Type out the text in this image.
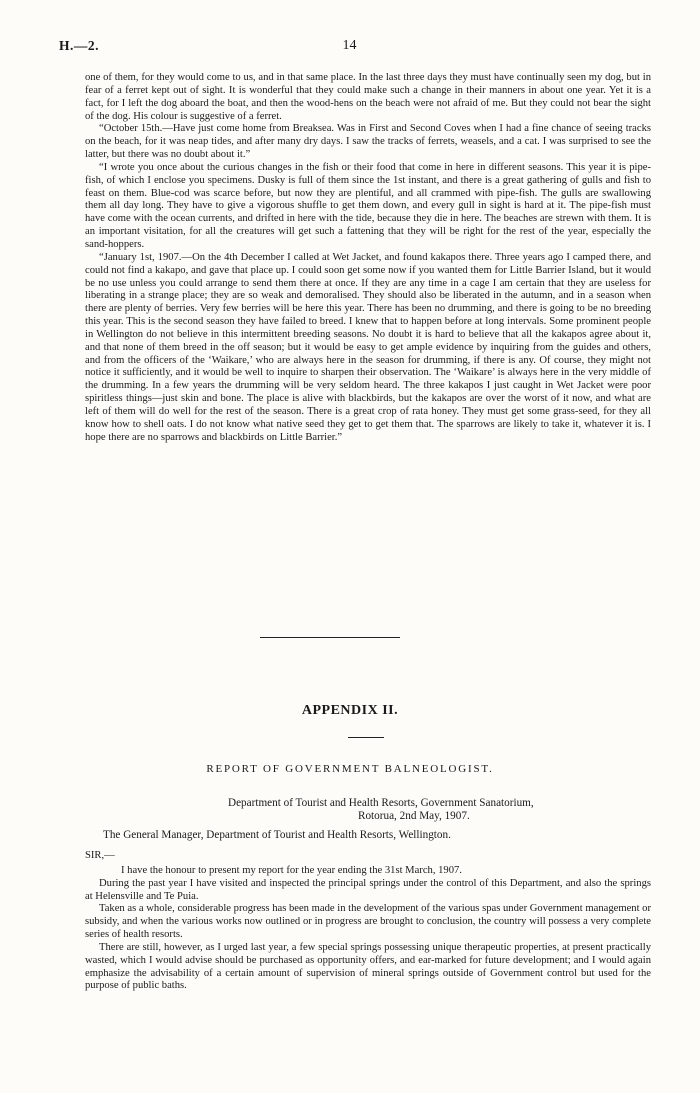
H.—2.	14

one of them, for they would come to us, and in that same place. In the last three days they must have continually seen my dog, but in fear of a ferret kept out of sight. It is wonderful that they could make such a change in their manners in about one year. Yet it is a fact, for I left the dog aboard the boat, and then the wood-hens on the beach were not afraid of me. But they could not bear the sight of the dog. His colour is suggestive of a ferret.

“October 15th.—Have just come home from Breaksea. Was in First and Second Coves when I had a fine chance of seeing tracks on the beach, for it was neap tides, and after many dry days. I saw the tracks of ferrets, weasels, and a cat. I was surprised to see the latter, but there was no doubt about it.”

“I wrote you once about the curious changes in the fish or their food that come in here in different seasons. This year it is pipe-fish, of which I enclose you specimens. Dusky is full of them since the 1st instant, and there is a great gathering of gulls and fish to feast on them. Blue-cod was scarce before, but now they are plentiful, and all crammed with pipe-fish. The gulls are swallowing them all day long. They have to give a vigorous shuffle to get them down, and every gull in sight is hard at it. The pipe-fish must have come with the ocean currents, and drifted in here with the tide, because they die in here. The beaches are strewn with them. It is an important visitation, for all the creatures will get such a fattening that they will be right for the rest of the year, especially the sand-hoppers.

“January 1st, 1907.—On the 4th December I called at Wet Jacket, and found kakapos there. Three years ago I camped there, and could not find a kakapo, and gave that place up. I could soon get some now if you wanted them for Little Barrier Island, but it would be no use unless you could arrange to send them there at once. If they are any time in a cage I am certain that they are useless for liberating in a strange place; they are so weak and demoralised. They should also be liberated in the autumn, and in a season when there are plenty of berries. Very few berries will be here this year. There has been no drumming, and there is going to be no breeding this year. This is the second season they have failed to breed. I knew that to happen before at long intervals. Some prominent people in Wellington do not believe in this intermittent breeding seasons. No doubt it is hard to believe that all the kakapos agree about it, and that none of them breed in the off season; but it would be easy to get ample evidence by inquiring from the guides and others, and from the officers of the ‘Waikare,’ who are always here in the season for drumming, if there is any. Of course, they might not notice it sufficiently, and it would be well to inquire to sharpen their observation. The ‘Waikare’ is always here in the very middle of the drumming. In a few years the drumming will be very seldom heard. The three kakapos I just caught in Wet Jacket were poor spiritless things—just skin and bone. The place is alive with blackbirds, but the kakapos are over the worst of it now, and what are left of them will do well for the rest of the season. There is a great crop of rata honey. They must get some grass-seed, for they all know how to shell oats. I do not know what native seed they get to get them that. The sparrows are likely to take it, whatever it is. I hope there are no sparrows and blackbirds on Little Barrier.”

APPENDIX II.
REPORT OF GOVERNMENT BALNEOLOGIST.
Department of Tourist and Health Resorts, Government Sanatorium,
Rotorua, 2nd May, 1907.
The General Manager, Department of Tourist and Health Resorts, Wellington.

SIR,—

I have the honour to present my report for the year ending the 31st March, 1907.

During the past year I have visited and inspected the principal springs under the control of this Department, and also the springs at Helensville and Te Puia.

Taken as a whole, considerable progress has been made in the development of the various spas under Government management or subsidy, and when the various works now outlined or in progress are brought to conclusion, the country will possess a very complete series of health resorts.

There are still, however, as I urged last year, a few special springs possessing unique therapeutic properties, at present practically wasted, which I would advise should be purchased as opportunity offers, and ear-marked for future development; and I would again emphasize the advisability of a certain amount of supervision of mineral springs outside of Government control but used for the purpose of public baths.
